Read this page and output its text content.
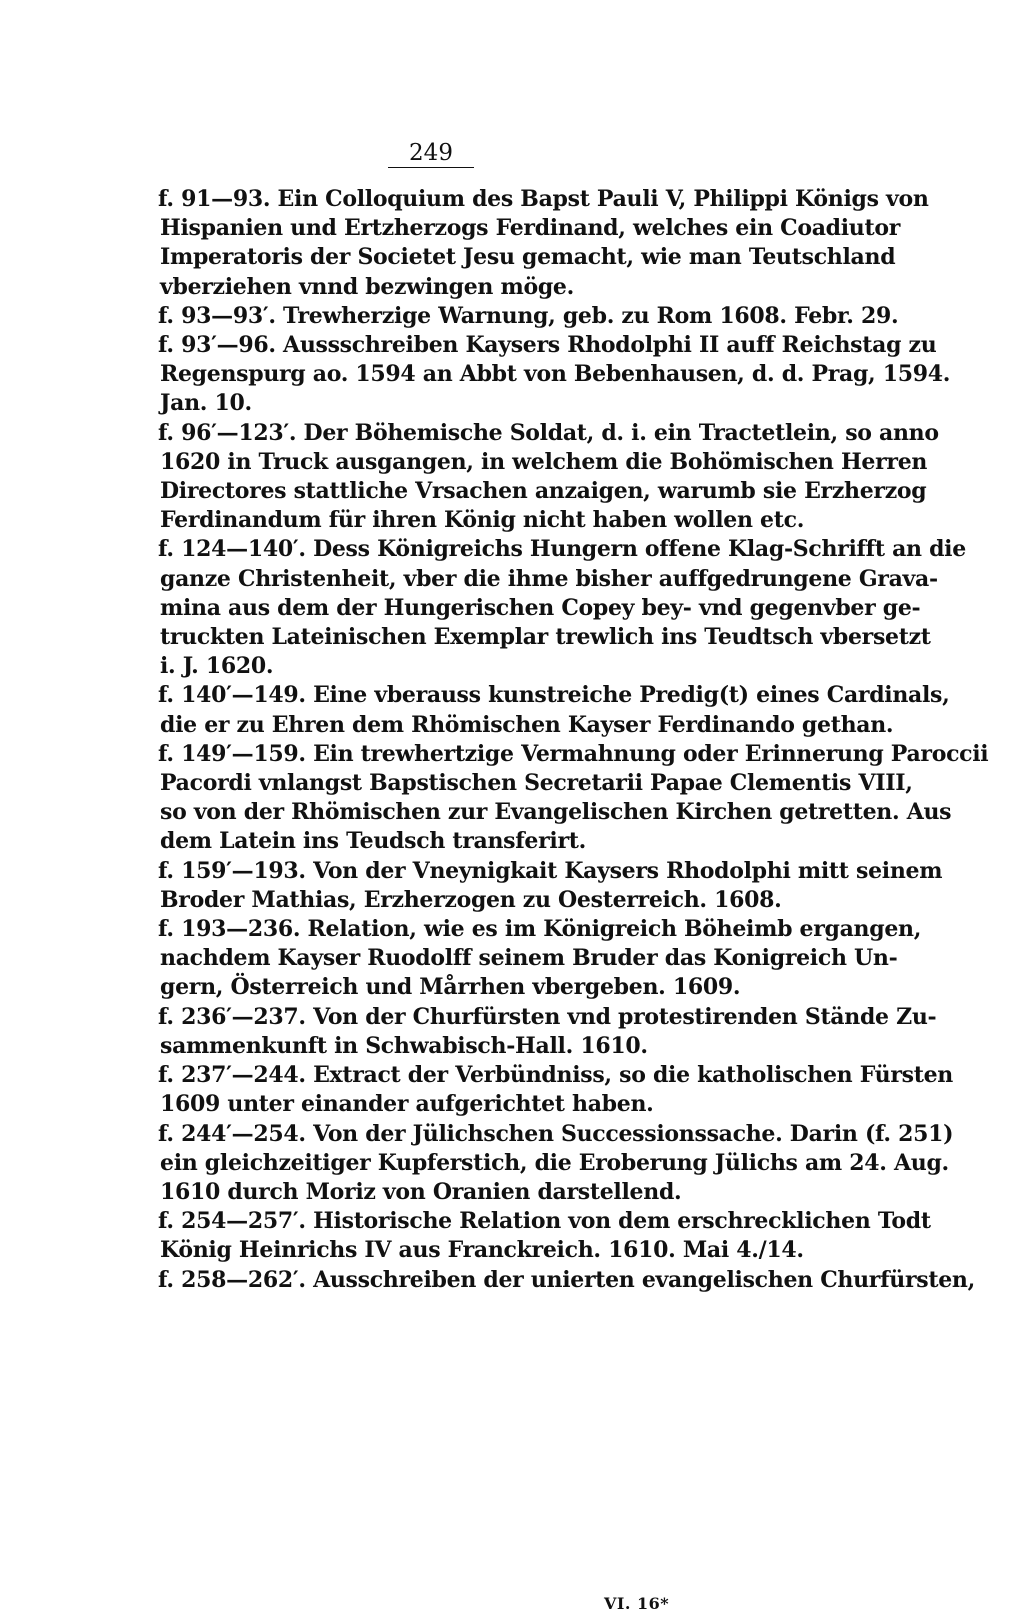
249
f. 91—93. Ein Colloquium des Bapst Pauli V, Philippi Königs von
Hispanien und Ertzherzogs Ferdinand, welches ein Coadiutor
Imperatoris der Societet Jesu gemacht, wie man Teutschland
vberziehen vnnd bezwingen möge.
f. 93—93′. Trewherzige Warnung, geb. zu Rom 1608. Febr. 29.
f. 93′—96. Aussschreiben Kaysers Rhodolphi II auff Reichstag zu
Regenspurg ao. 1594 an Abbt von Bebenhausen, d. d. Prag, 1594.
Jan. 10.
f. 96′—123′. Der Böhemische Soldat, d. i. ein Tractetlein, so anno
1620 in Truck ausgangen, in welchem die Bohömischen Herren
Directores stattliche Vrsachen anzaigen, warumb sie Erzherzog
Ferdinandum für ihren König nicht haben wollen etc.
f. 124—140′. Dess Königreichs Hungern offene Klag-Schrifft an die
ganze Christenheit, vber die ihme bisher auffgedrungene Grava-
mina aus dem der Hungerischen Copey bey- vnd gegenvber ge-
truckten Lateinischen Exemplar trewlich ins Teudtsch vbersetzt
i. J. 1620.
f. 140′—149. Eine vberauss kunstreiche Predig(t) eines Cardinals,
die er zu Ehren dem Rhömischen Kayser Ferdinando gethan.
f. 149′—159. Ein trewhertzige Vermahnung oder Erinnerung Paroccii
Pacordi vnlangst Bapstischen Secretarii Papae Clementis VIII,
so von der Rhömischen zur Evangelischen Kirchen getretten. Aus
dem Latein ins Teudsch transferirt.
f. 159′—193. Von der Vneynigkait Kaysers Rhodolphi mitt seinem
Broder Mathias, Erzherzogen zu Oesterreich. 1608.
f. 193—236. Relation, wie es im Königreich Böheimb ergangen,
nachdem Kayser Ruodolff seinem Bruder das Konigreich Un-
gern, Österreich und Mårrhen vbergeben. 1609.
f. 236′—237. Von der Churfürsten vnd protestirenden Stände Zu-
sammenkunft in Schwabisch-Hall. 1610.
f. 237′—244. Extract der Verbündniss, so die katholischen Fürsten
1609 unter einander aufgerichtet haben.
f. 244′—254. Von der Jülichschen Successionssache. Darin (f. 251)
ein gleichzeitiger Kupferstich, die Eroberung Jülichs am 24. Aug.
1610 durch Moriz von Oranien darstellend.
f. 254—257′. Historische Relation von dem erschrecklichen Todt
König Heinrichs IV aus Franckreich. 1610. Mai 4./14.
f. 258—262′. Ausschreiben der unierten evangelischen Churfürsten,
VI. 16*
